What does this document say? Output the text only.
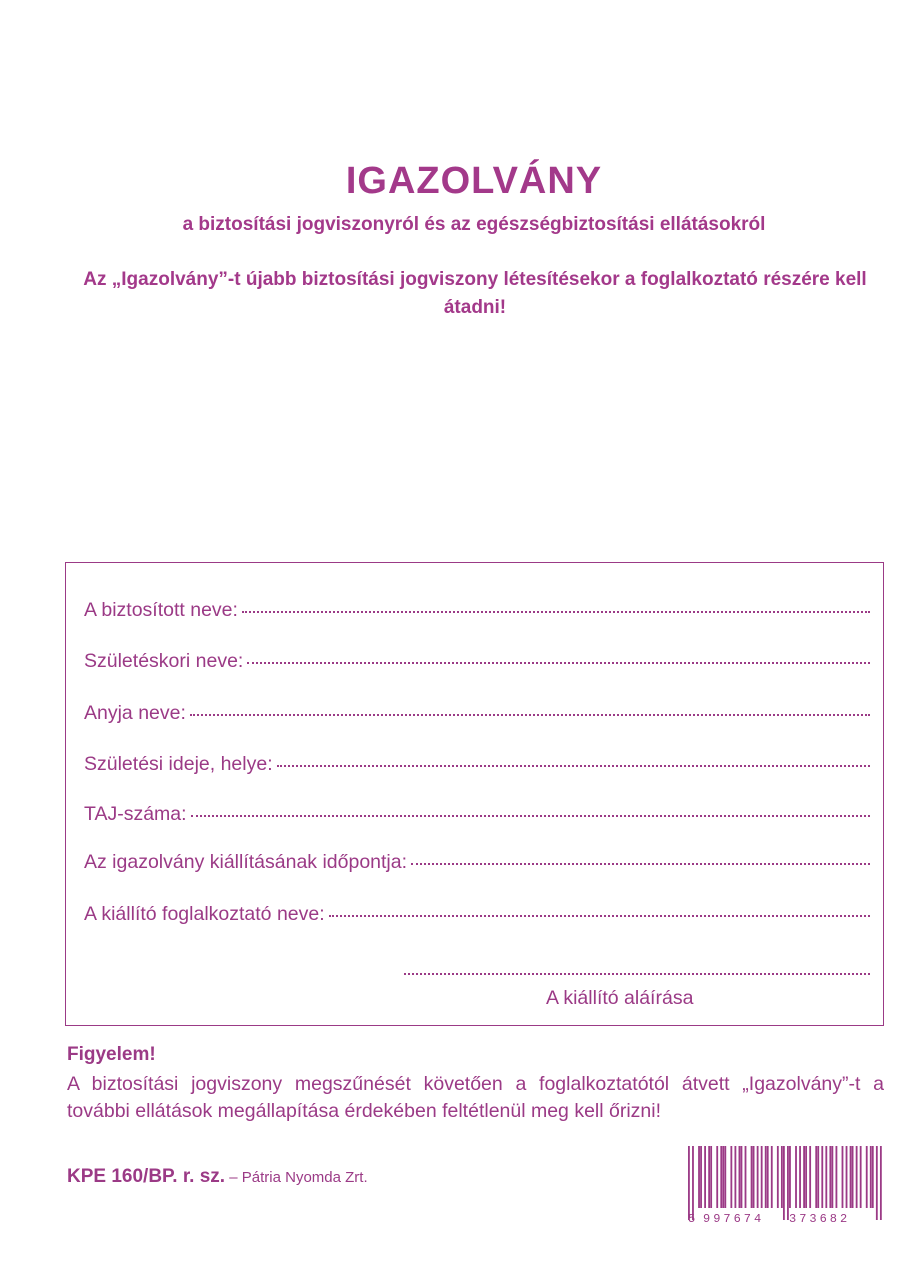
IGAZOLVÁNY
a biztosítási jogviszonyról és az egészségbiztosítási ellátásokról
Az „Igazolvány”-t újabb biztosítási jogviszony létesítésekor a foglalkoztató részére kell átadni!
A biztosított neve:
Születéskori neve:
Anyja neve:
Születési ideje, helye:
TAJ-száma:
Az igazolvány kiállításának időpontja:
A kiállító foglalkoztató neve:
A kiállító aláírása
Figyelem!
A biztosítási jogviszony megszűnését követően a foglalkoztatótól átvett „Igazolvány”-t a további ellátások megállapítása érdekében feltétlenül meg kell őrizni!
KPE 160/BP. r. sz. – Pátria Nyomda Zrt.
5 997674 373682
